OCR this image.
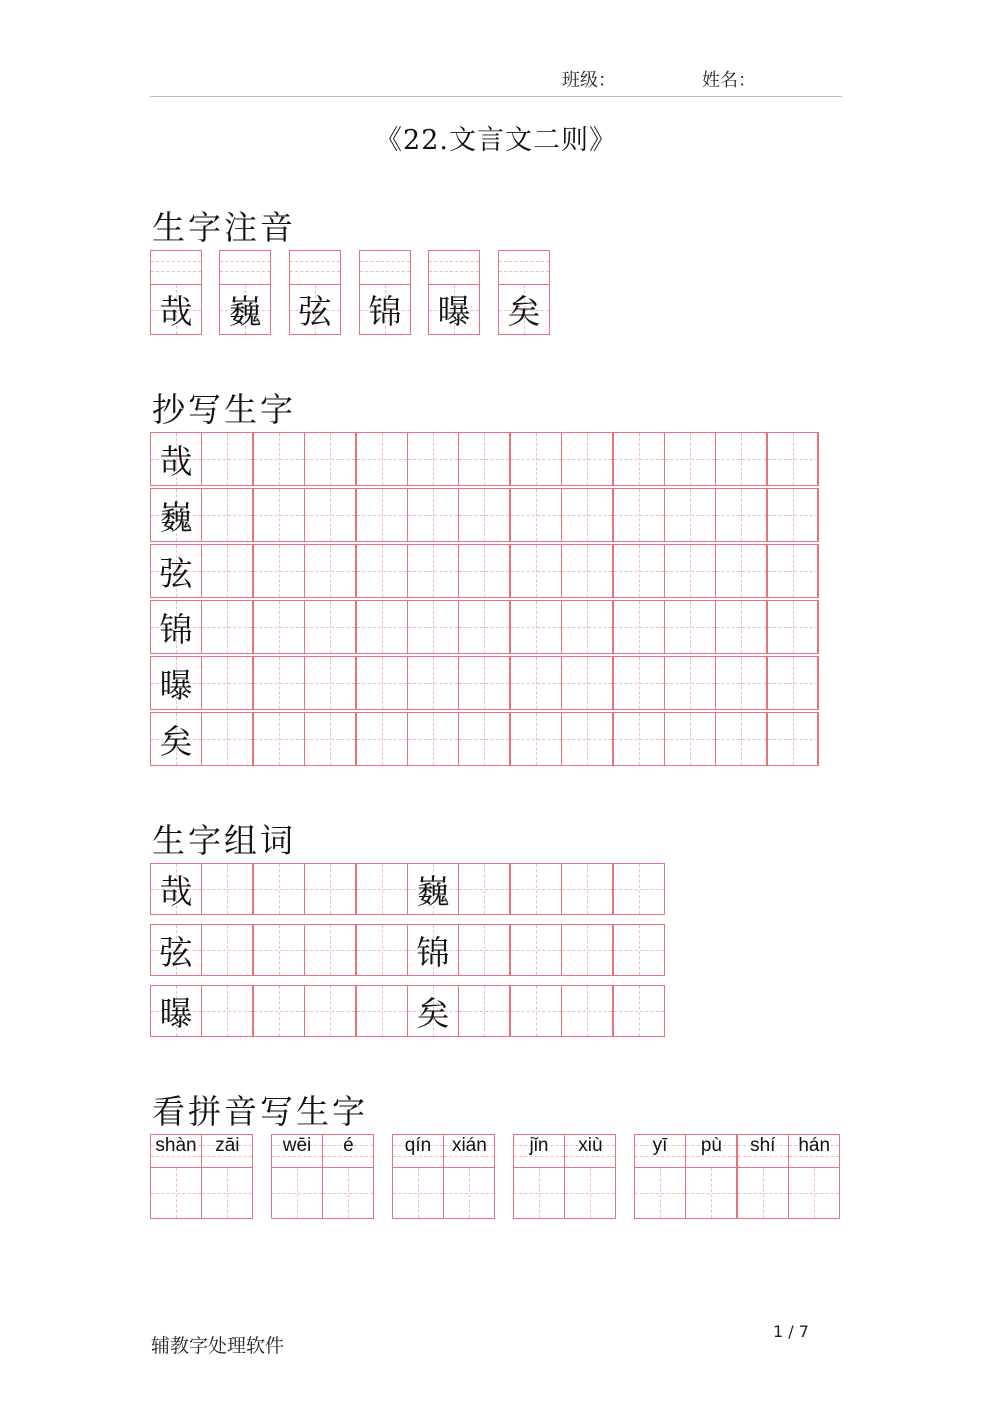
班级：	姓名：
《22.文言文二则》
生字注音
哉 巍 弦 锦 曝 矣
抄写生字
哉
巍
弦
锦
曝
矣
生字组词
哉	巍
弦	锦
曝	矣
看拼音写生字
shàn zāi	wēi	é	qín	xián	jǐn	xiù	yī	pù	shí	hán
辅教字处理软件
1 / 7
